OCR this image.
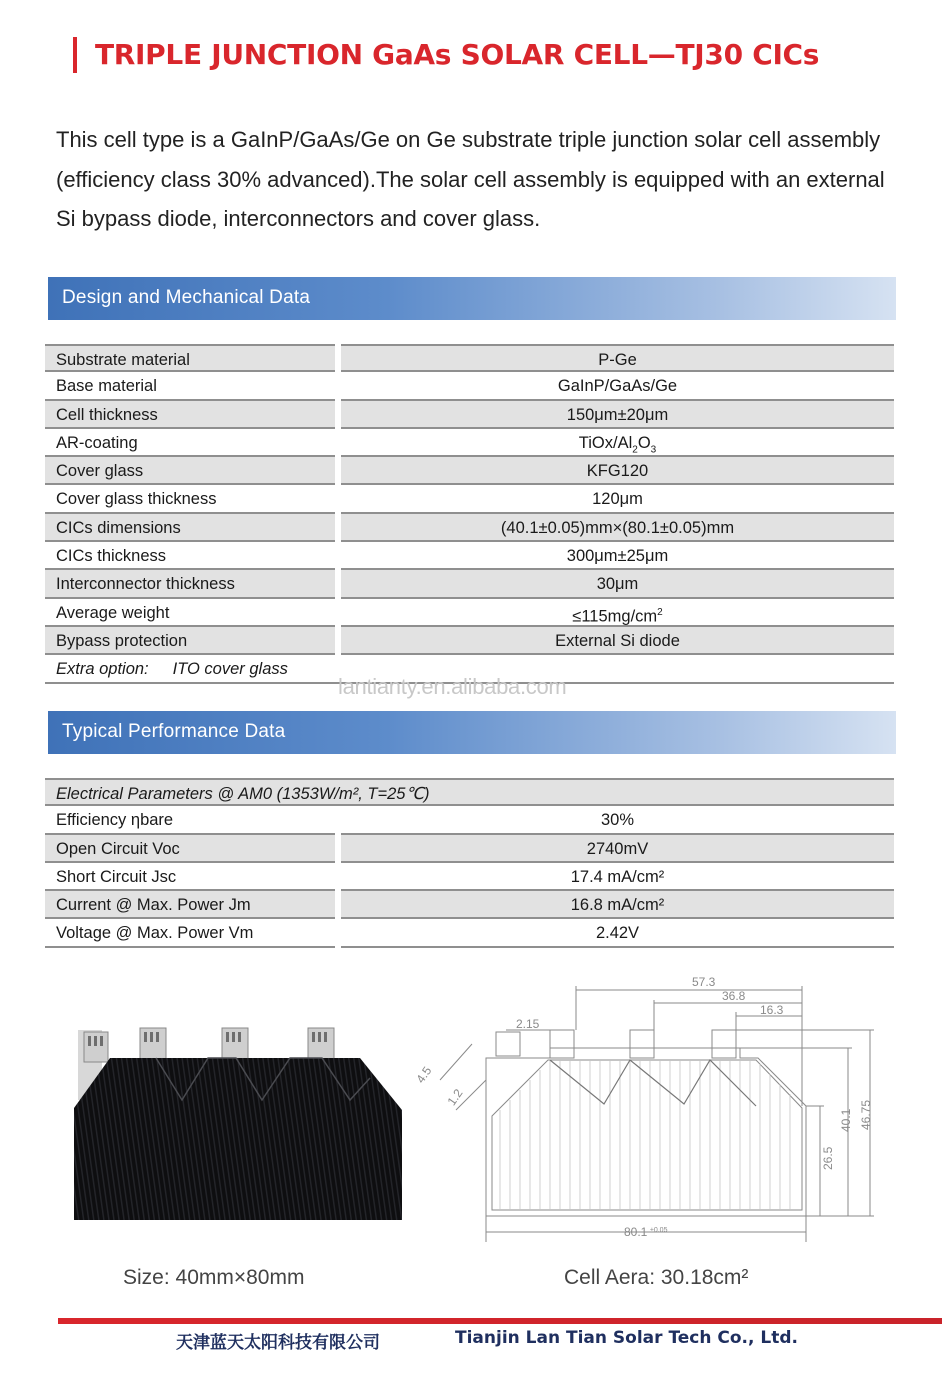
TRIPLE JUNCTION GaAs SOLAR CELL—TJ30 CICs
This cell type is a GaInP/GaAs/Ge on Ge substrate triple junction solar cell assembly (efficiency class 30% advanced).The solar cell assembly is equipped with an external Si bypass diode, interconnectors and cover glass.
Design and Mechanical Data
Substrate material	P-Ge
Base material	GaInP/GaAs/Ge
Cell thickness	150μm±20μm
AR-coating	TiOx/$Al_2O_3$
Cover glass	KFG120
Cover glass thickness	120μm
CICs dimensions	(40.1±0.05)mm×(80.1±0.05)mm
CICs thickness	300μm±25μm
Interconnector thickness	30μm
Average weight	$\le 115mg/cm^2$
Bypass protection	External Si diode
Extra option: ITO cover glass
lantianty.en.alibaba.com
Typical Performance Data
Electrical Parameters @ AM0 (1353W/m², T=25℃)
Efficiency ηbare	30%
Open Circuit Voc	2740mV
Short Circuit Jsc	17.4 mA/cm²
Current @ Max. Power Jm	16.8 mA/cm²
Voltage @ Max. Power Vm	2.42V
57.3
36.8
16.3
2.15
4.5
1.2
26.5
40.1 46.75
80.1 ±0.05
Size: 40mm×80mm	Cell Aera: 30.18cm²
天津蓝天太阳科技有限公司	Tianjin Lan Tian Solar Tech Co., Ltd.
